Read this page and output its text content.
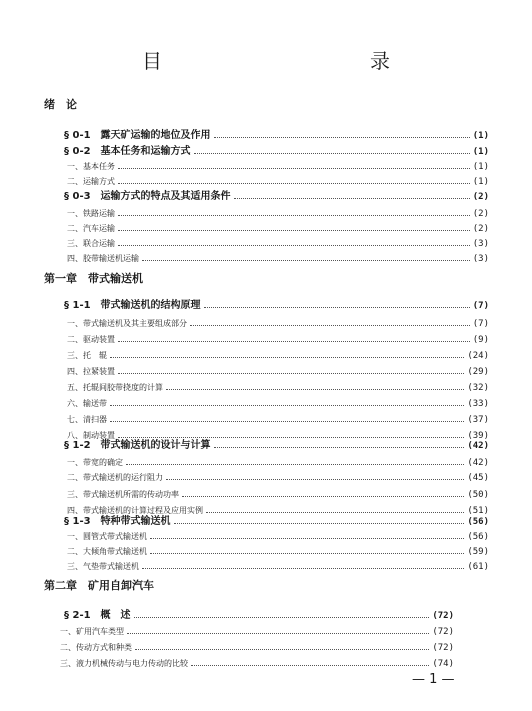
目　　录
绪　论
§ 0-1　露天矿运输的地位及作用	(1)
§ 0-2　基本任务和运输方式	(1)
一、基本任务	(1)
二、运输方式	(1)
§ 0-3　运输方式的特点及其适用条件	(2)
一、铁路运输	(2)
二、汽车运输	(2)
三、联合运输	(3)
四、胶带输送机运输	(3)
第一章　带式输送机
§ 1-1　带式输送机的结构原理	(7)
一、带式输送机及其主要组成部分	(7)
二、驱动装置	(9)
三、托　辊	(24)
四、拉紧装置	(29)
五、托辊间胶带挠度的计算	(32)
六、输送带	(33)
七、清扫器	(37)
八、制动装置	(39)
§ 1-2　带式输送机的设计与计算	(42)
一、带宽的确定	(42)
二、带式输送机的运行阻力	(45)
三、带式输送机所需的传动功率	(50)
四、带式输送机的计算过程及应用实例	(51)
§ 1-3　特种带式输送机	(56)
一、圆管式带式输送机	(56)
二、大倾角带式输送机	(59)
三、气垫带式输送机	(61)
第二章　矿用自卸汽车
§ 2-1　概　述	(72)
一、矿用汽车类型	(72)
二、传动方式和种类	(72)
三、液力机械传动与电力传动的比较	(74)
— 1 —
